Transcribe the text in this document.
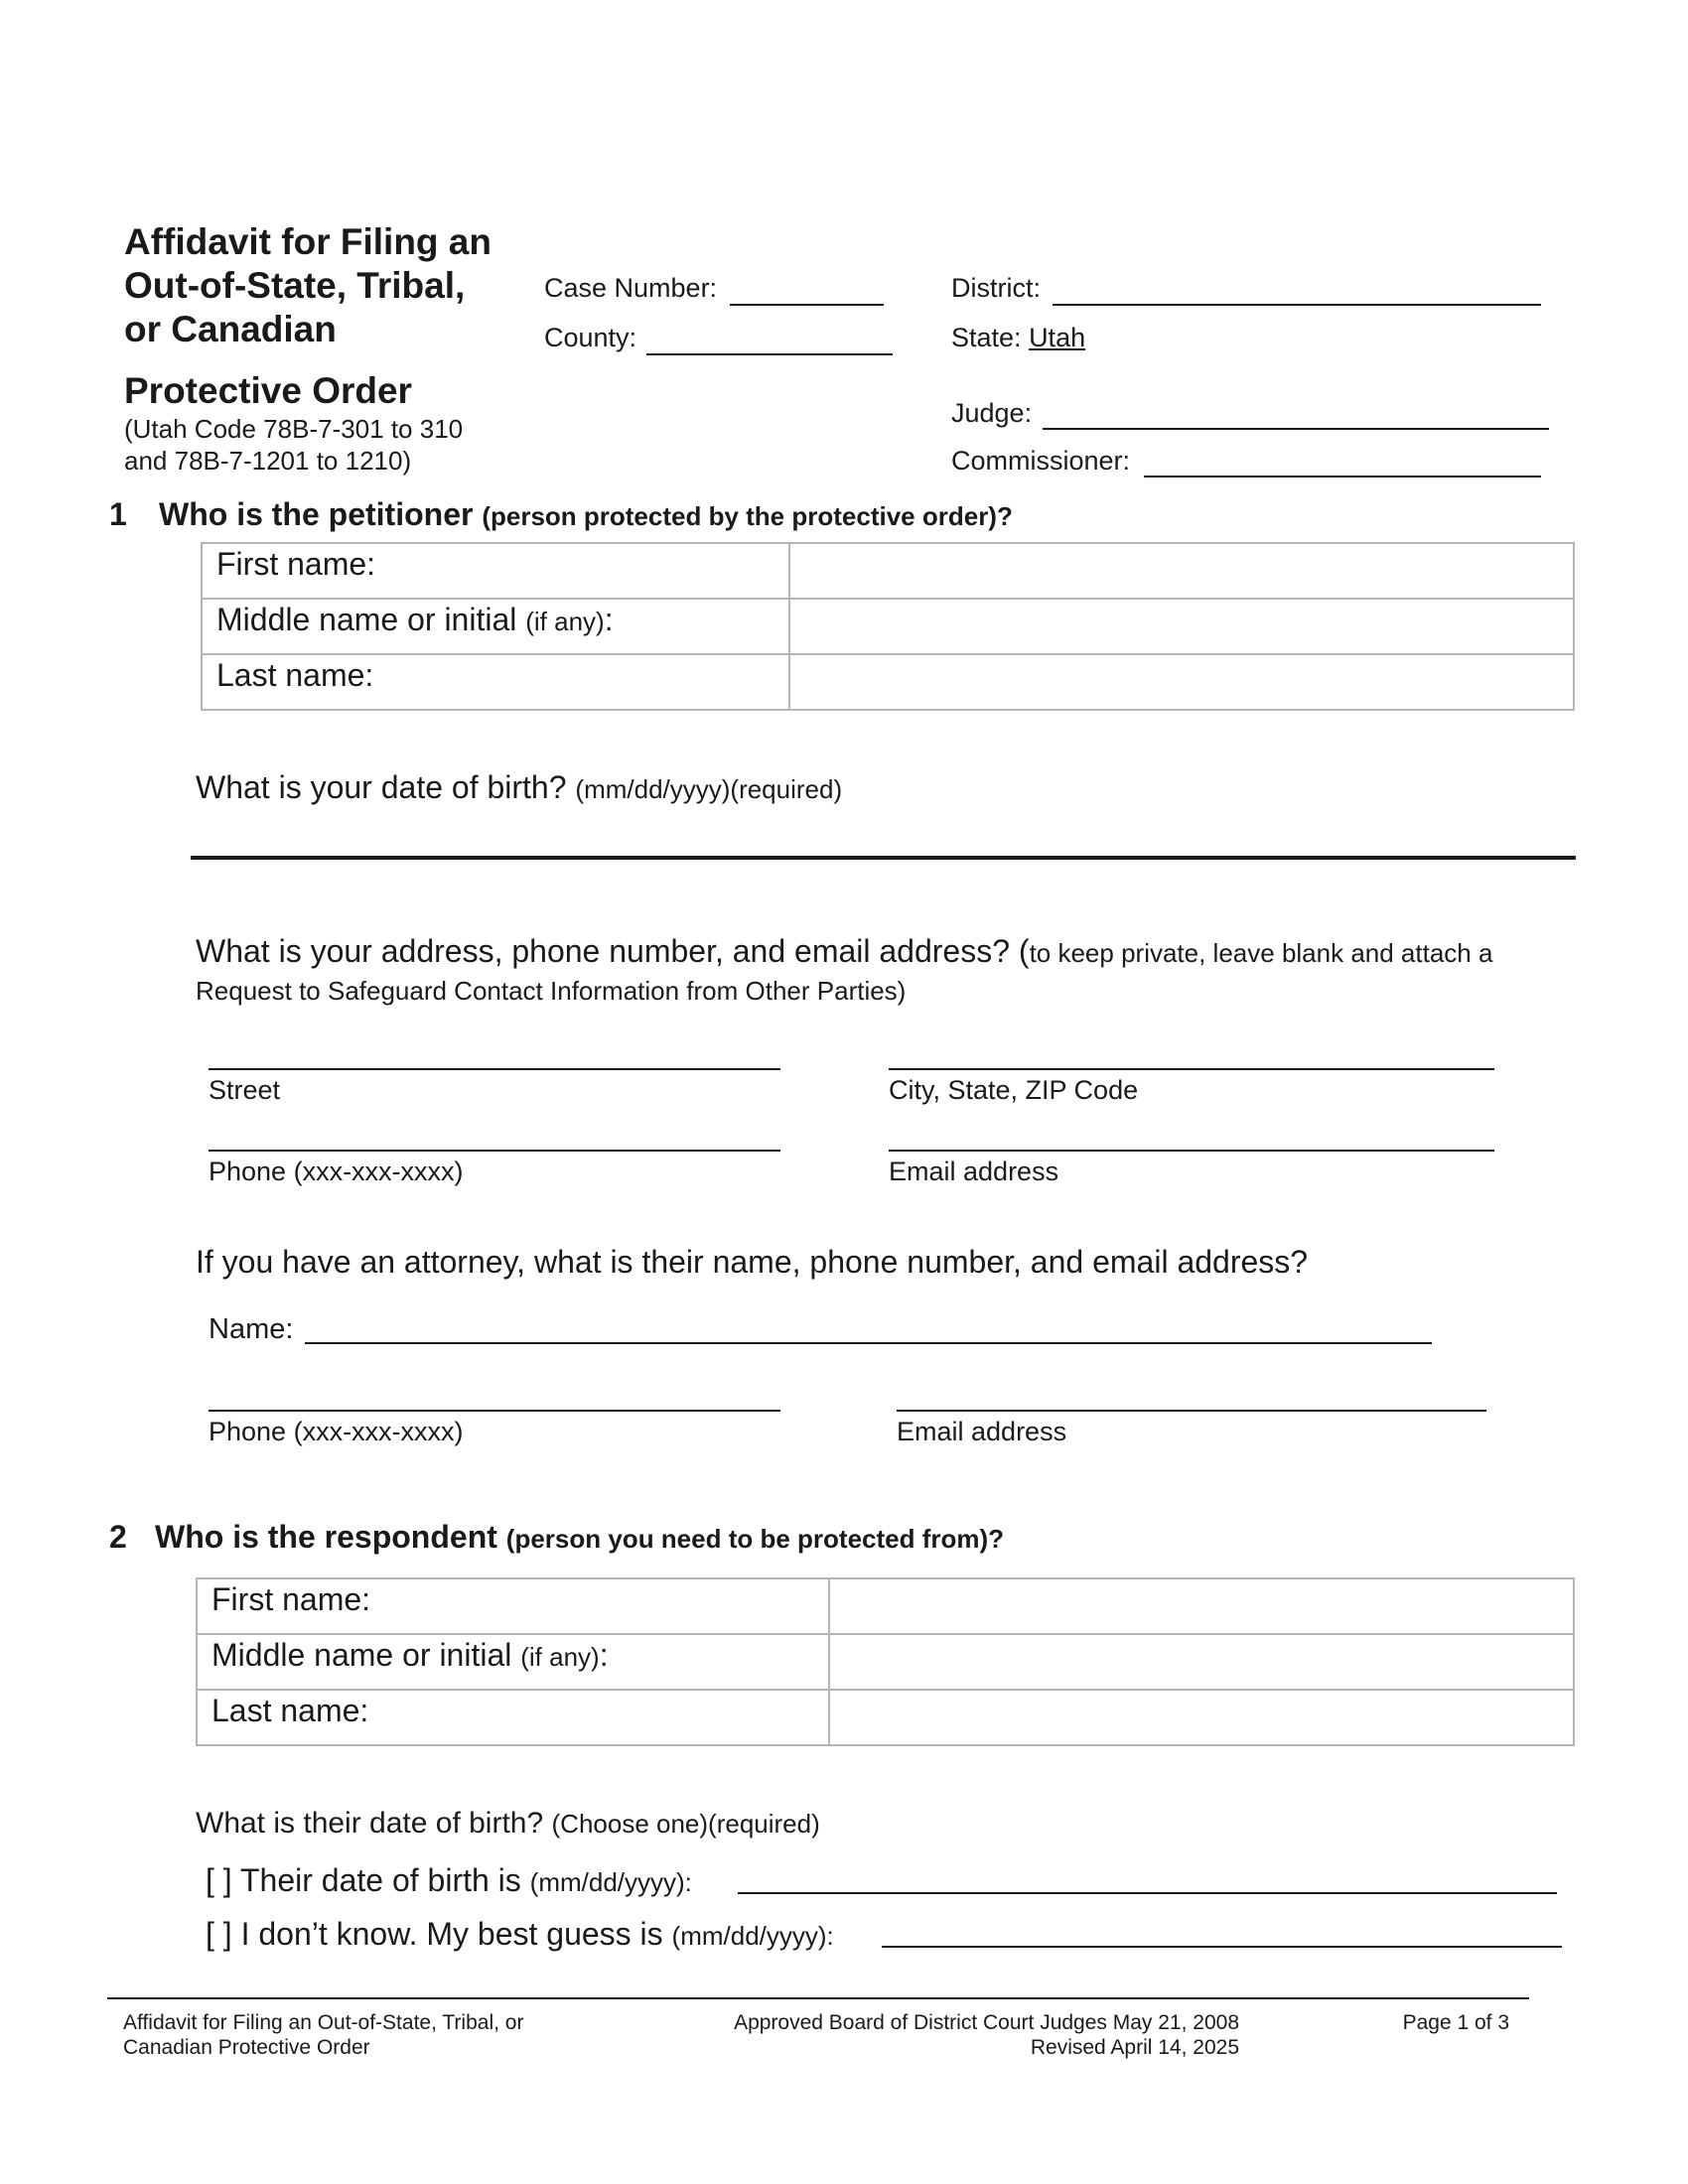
Affidavit for Filing an
Out-of-State, Tribal,
or Canadian
Protective Order
(Utah Code 78B-7-301 to 310
and 78B-7-1201 to 1210)
Case Number:
County:
District:
State: Utah
Judge:
Commissioner:
1 Who is the petitioner (person protected by the protective order)?
First name:	
Middle name or initial (if any):	
Last name:	
What is your date of birth? (mm/dd/yyyy)(required)
What is your address, phone number, and email address? (to keep private, leave blank and attach a
Request to Safeguard Contact Information from Other Parties)
Street	City, State, ZIP Code
Phone (xxx-xxx-xxxx)	Email address
If you have an attorney, what is their name, phone number, and email address?
Name:
Phone (xxx-xxx-xxxx)	Email address
2 Who is the respondent (person you need to be protected from)?
First name:	
Middle name or initial (if any):	
Last name:	
What is their date of birth? (Choose one)(required)
[ ] Their date of birth is (mm/dd/yyyy):
[ ] I don’t know. My best guess is (mm/dd/yyyy):
Affidavit for Filing an Out-of-State, Tribal, or
Canadian Protective Order
Approved Board of District Court Judges May 21, 2008
Revised April 14, 2025
Page 1 of 3
